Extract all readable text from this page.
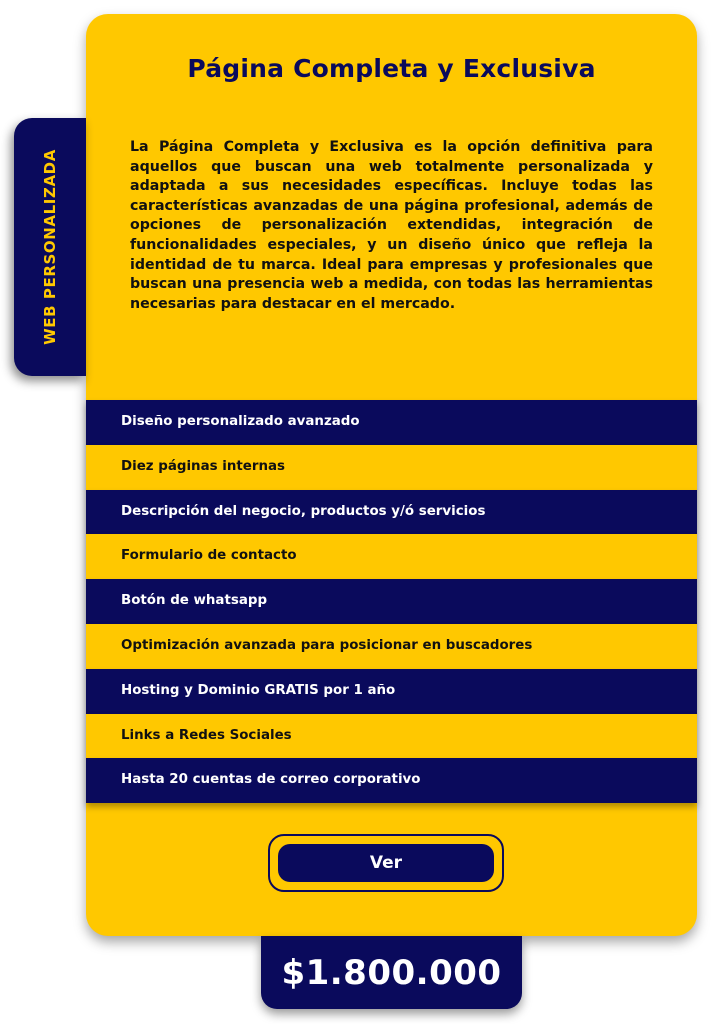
Página Completa y Exclusiva

La Página Completa y Exclusiva es la opción definitiva para aquellos que buscan una web totalmente personalizada y adaptada a sus necesidades específicas. Incluye todas las características avanzadas de una página profesional, además de opciones de personalización extendidas, integración de funcionalidades especiales, y un diseño único que refleja la identidad de tu marca. Ideal para empresas y profesionales que buscan una presencia web a medida, con todas las herramientas necesarias para destacar en el mercado.

WEB PERSONALIZADA
Diseño personalizado avanzado
Diez páginas internas
Descripción del negocio, productos y/ó servicios
Formulario de contacto
Botón de whatsapp
Optimización avanzada para posicionar en buscadores
Hosting y Dominio GRATIS por 1 año
Links a Redes Sociales
Hasta 20 cuentas de correo corporativo
Ver
$1.800.000
